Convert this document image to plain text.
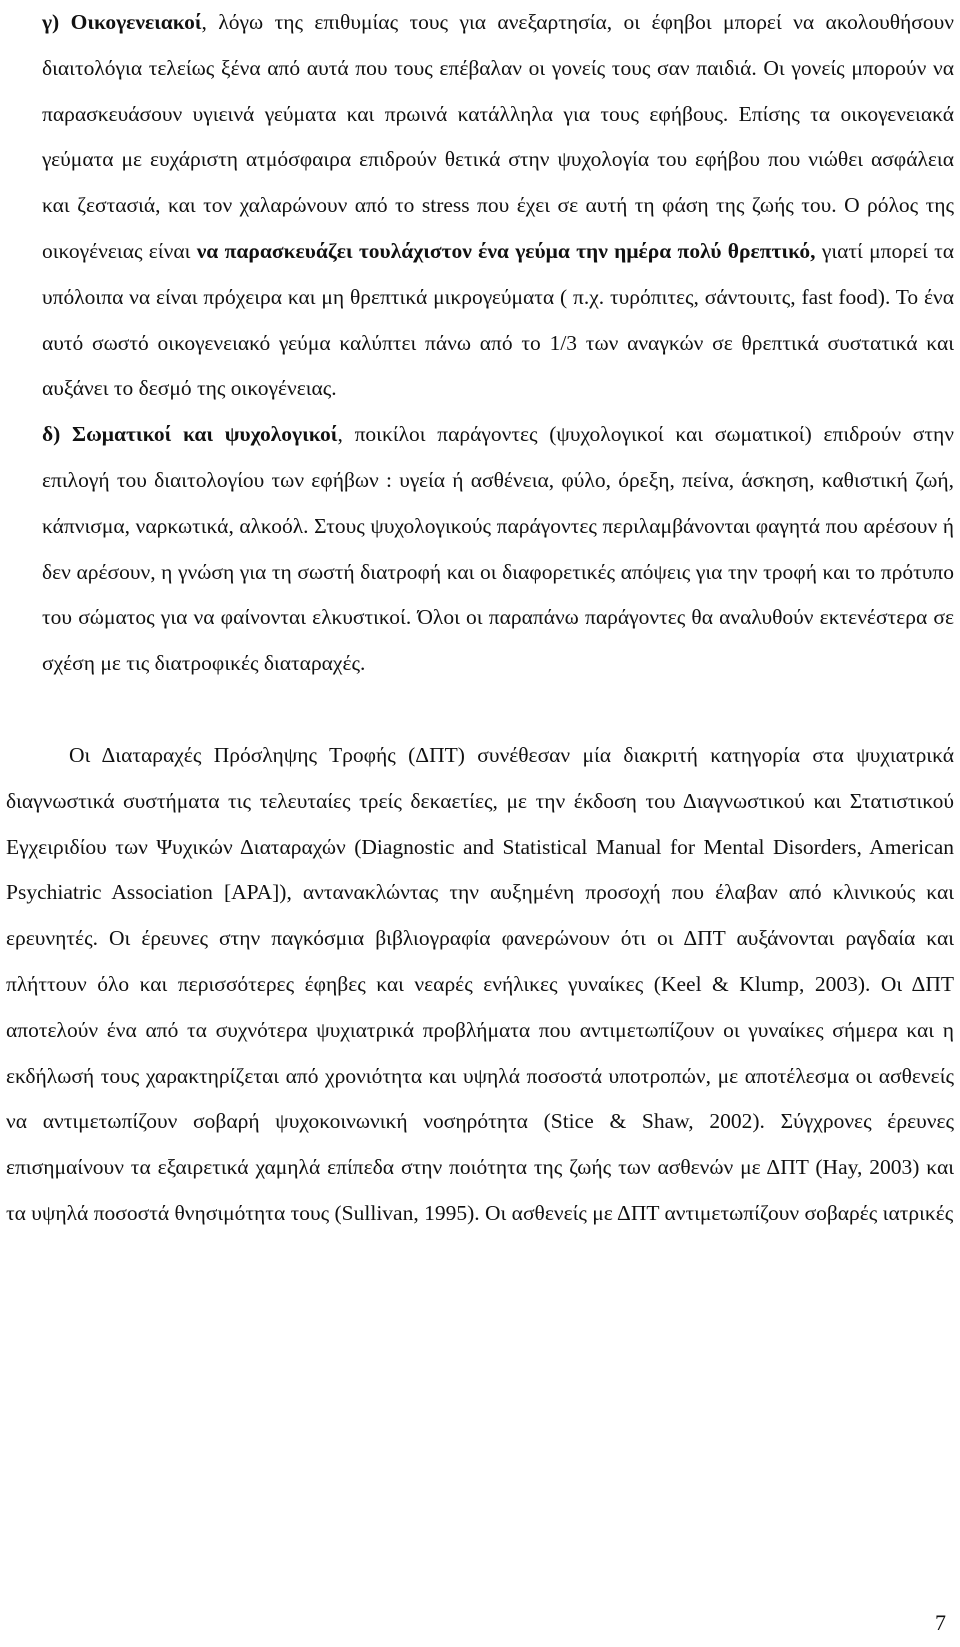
γ) Οικογενειακοί, λόγω της επιθυμίας τους για ανεξαρτησία, οι έφηβοι μπορεί να ακολουθήσουν διαιτολόγια τελείως ξένα από αυτά που τους επέβαλαν οι γονείς τους σαν παιδιά. Οι γονείς μπορούν να παρασκευάσουν υγιεινά γεύματα και πρωινά κατάλληλα για τους εφήβους. Επίσης τα οικογενειακά γεύματα με ευχάριστη ατμόσφαιρα επιδρούν θετικά στην ψυχολογία του εφήβου που νιώθει ασφάλεια και ζεστασιά, και τον χαλαρώνουν από το stress που έχει σε αυτή τη φάση της ζωής του. Ο ρόλος της οικογένειας είναι να παρασκευάζει τουλάχιστον ένα γεύμα την ημέρα πολύ θρεπτικό, γιατί μπορεί τα υπόλοιπα να είναι πρόχειρα και μη θρεπτικά μικρογεύματα ( π.χ. τυρόπιτες, σάντουιτς, fast food). Το ένα αυτό σωστό οικογενειακό γεύμα καλύπτει πάνω από το 1/3 των αναγκών σε θρεπτικά συστατικά και αυξάνει το δεσμό της οικογένειας.

δ) Σωματικοί και ψυχολογικοί, ποικίλοι παράγοντες (ψυχολογικοί και σωματικοί) επιδρούν στην επιλογή του διαιτολογίου των εφήβων : υγεία ή ασθένεια, φύλο, όρεξη, πείνα, άσκηση, καθιστική ζωή, κάπνισμα, ναρκωτικά, αλκοόλ. Στους ψυχολογικούς παράγοντες περιλαμβάνονται φαγητά που αρέσουν ή δεν αρέσουν, η γνώση για τη σωστή διατροφή και οι διαφορετικές απόψεις για την τροφή και το πρότυπο του σώματος για να φαίνονται ελκυστικοί. Όλοι οι παραπάνω παράγοντες θα αναλυθούν εκτενέστερα σε σχέση με τις διατροφικές διαταραχές.

Οι Διαταραχές Πρόσληψης Τροφής (ΔΠΤ) συνέθεσαν μία διακριτή κατηγορία στα ψυχιατρικά διαγνωστικά συστήματα τις τελευταίες τρείς δεκαετίες, με την έκδοση του Διαγνωστικού και Στατιστικού Εγχειριδίου των Ψυχικών Διαταραχών (Diagnostic and Statistical Manual for Mental Disorders, American Psychiatric Association [APA]), αντανακλώντας την αυξημένη προσοχή που έλαβαν από κλινικούς και ερευνητές. Οι έρευνες στην παγκόσμια βιβλιογραφία φανερώνουν ότι οι ΔΠΤ αυξάνονται ραγδαία και πλήττουν όλο και περισσότερες έφηβες και νεαρές ενήλικες γυναίκες (Keel & Klump, 2003). Οι ΔΠΤ αποτελούν ένα από τα συχνότερα ψυχιατρικά προβλήματα που αντιμετωπίζουν οι γυναίκες σήμερα και η εκδήλωσή τους χαρακτηρίζεται από χρονιότητα και υψηλά ποσοστά υποτροπών, με αποτέλεσμα οι ασθενείς να αντιμετωπίζουν σοβαρή ψυχοκοινωνική νοσηρότητα (Stice & Shaw, 2002). Σύγχρονες έρευνες επισημαίνουν τα εξαιρετικά χαμηλά επίπεδα στην ποιότητα της ζωής των ασθενών με ΔΠΤ (Hay, 2003) και τα υψηλά ποσοστά θνησιμότητα τους (Sullivan, 1995). Οι ασθενείς με ΔΠΤ αντιμετωπίζουν σοβαρές ιατρικές

7
